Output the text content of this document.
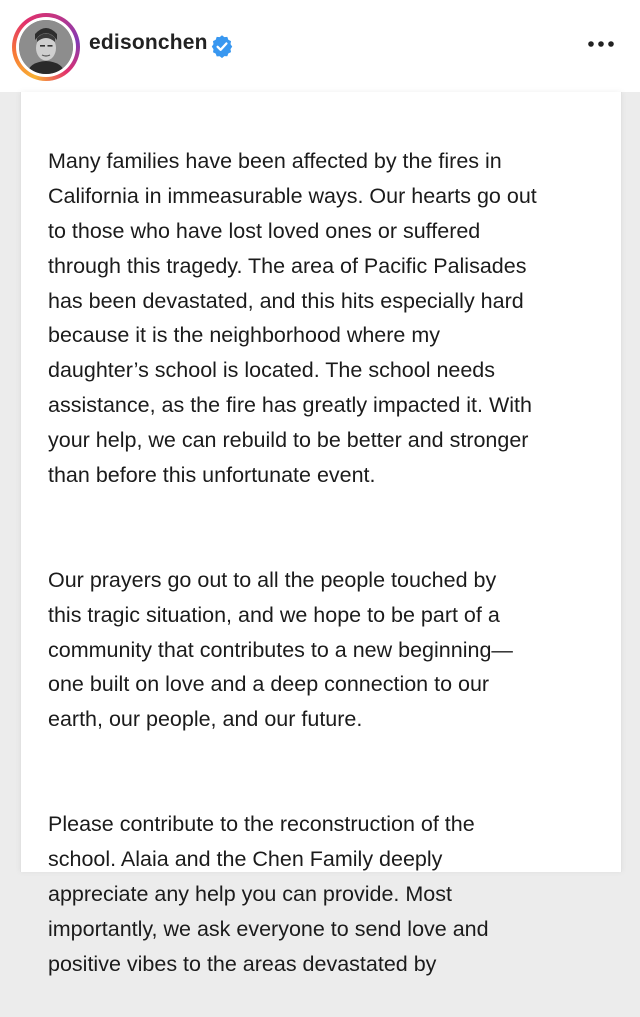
edisonchen

Many families have been affected by the fires in
California in immeasurable ways. Our hearts go out
to those who have lost loved ones or suffered
through this tragedy. The area of Pacific Palisades
has been devastated, and this hits especially hard
because it is the neighborhood where my
daughter’s school is located. The school needs
assistance, as the fire has greatly impacted it. With
your help, we can rebuild to be better and stronger
than before this unfortunate event.

Our prayers go out to all the people touched by
this tragic situation, and we hope to be part of a
community that contributes to a new beginning—
one built on love and a deep connection to our
earth, our people, and our future.

Please contribute to the reconstruction of the
school. Alaia and the Chen Family deeply
appreciate any help you can provide. Most
importantly, we ask everyone to send love and
positive vibes to the areas devastated by
